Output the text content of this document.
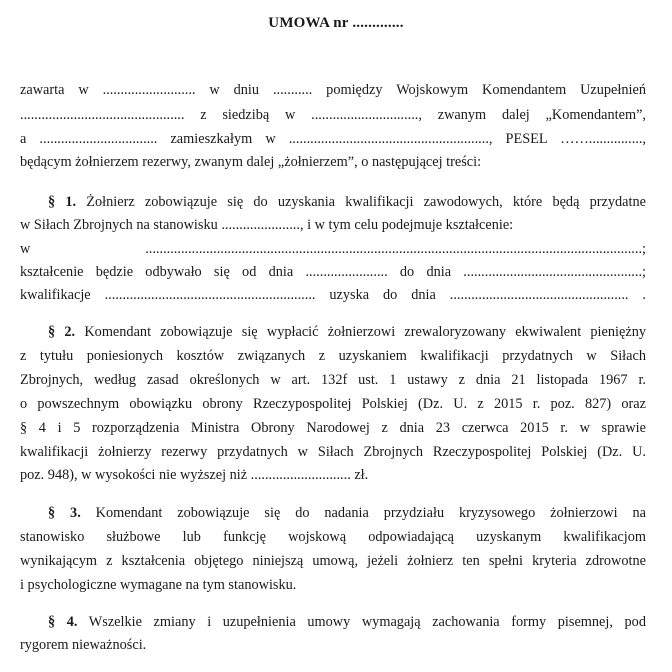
UMOWA nr .............
zawarta w .......................... w dniu ........... pomiędzy Wojskowym Komendantem Uzupełnień
.............................................. z siedzibą w .............................., zwanym dalej „Komendantem”,
a ................................. zamieszkałym w ........................................................, PESEL ……...............,
będącym żołnierzem rezerwy, zwanym dalej „żołnierzem”, o następującej treści:
§ 1. Żołnierz zobowiązuje się do uzyskania kwalifikacji zawodowych, które będą przydatne
w Siłach Zbrojnych na stanowisku ......................, i w tym celu podejmuje kształcenie:
w ...........................................................................................................................................;
kształcenie będzie odbywało się od dnia ....................... do dnia ..................................................;
kwalifikacje ........................................................... uzyska do dnia .................................................. .
§ 2. Komendant zobowiązuje się wypłacić żołnierzowi zrewaloryzowany ekwiwalent pieniężny
z tytułu poniesionych kosztów związanych z uzyskaniem kwalifikacji przydatnych w Siłach
Zbrojnych, według zasad określonych w art. 132f ust. 1 ustawy z dnia 21 listopada 1967 r.
o powszechnym obowiązku obrony Rzeczypospolitej Polskiej (Dz. U. z 2015 r. poz. 827) oraz
§ 4 i 5 rozporządzenia Ministra Obrony Narodowej z dnia 23 czerwca 2015 r. w sprawie
kwalifikacji żołnierzy rezerwy przydatnych w Siłach Zbrojnych Rzeczypospolitej Polskiej (Dz. U.
poz. 948), w wysokości nie wyższej niż ............................ zł.
§ 3. Komendant zobowiązuje się do nadania przydziału kryzysowego żołnierzowi na
stanowisko służbowe lub funkcję wojskową odpowiadającą uzyskanym kwalifikacjom
wynikającym z kształcenia objętego niniejszą umową, jeżeli żołnierz ten spełni kryteria zdrowotne
i psychologiczne wymagane na tym stanowisku.
§ 4. Wszelkie zmiany i uzupełnienia umowy wymagają zachowania formy pisemnej, pod
rygorem nieważności.
